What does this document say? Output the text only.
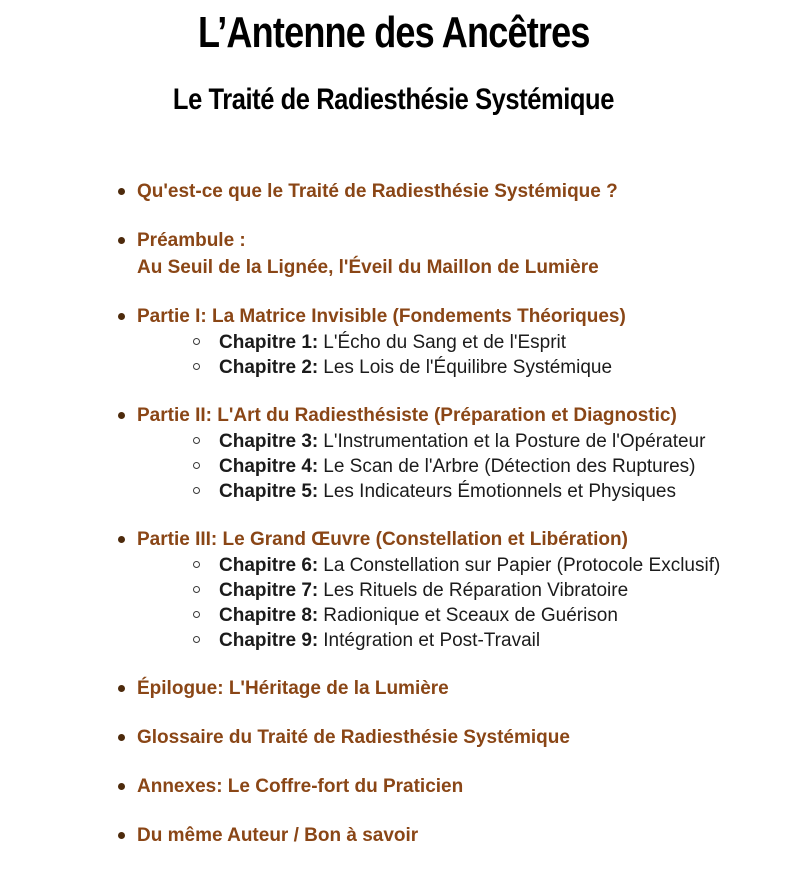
L’Antenne des Ancêtres
Le Traité de Radiesthésie Systémique
Qu'est-ce que le Traité de Radiesthésie Systémique ?
Préambule :
Au Seuil de la Lignée, l'Éveil du Maillon de Lumière
Partie I: La Matrice Invisible (Fondements Théoriques)
Chapitre 1: L'Écho du Sang et de l'Esprit
Chapitre 2: Les Lois de l'Équilibre Systémique
Partie II: L'Art du Radiesthésiste (Préparation et Diagnostic)
Chapitre 3: L'Instrumentation et la Posture de l'Opérateur
Chapitre 4: Le Scan de l'Arbre (Détection des Ruptures)
Chapitre 5: Les Indicateurs Émotionnels et Physiques
Partie III: Le Grand Œuvre (Constellation et Libération)
Chapitre 6: La Constellation sur Papier (Protocole Exclusif)
Chapitre 7: Les Rituels de Réparation Vibratoire
Chapitre 8: Radionique et Sceaux de Guérison
Chapitre 9: Intégration et Post-Travail
Épilogue: L'Héritage de la Lumière
Glossaire du Traité de Radiesthésie Systémique
Annexes: Le Coffre-fort du Praticien
Du même Auteur / Bon à savoir
